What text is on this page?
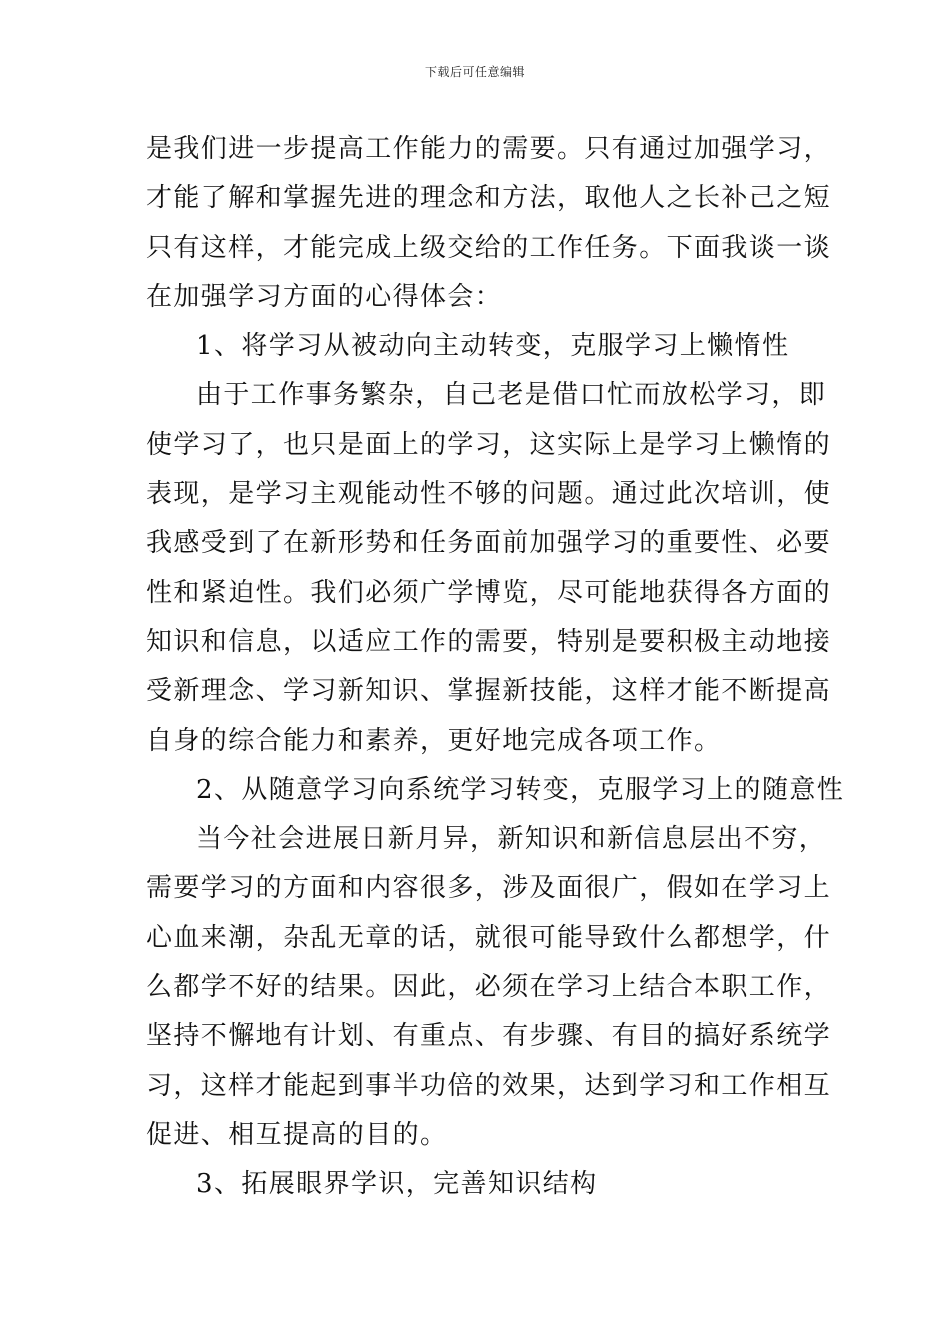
下载后可任意编辑
是我们进一步提高工作能力的需要。只有通过加强学习，
才能了解和掌握先进的理念和方法，取他人之长补己之短
只有这样，才能完成上级交给的工作任务。下面我谈一谈
在加强学习方面的心得体会：
1、将学习从被动向主动转变，克服学习上懒惰性
由于工作事务繁杂，自己老是借口忙而放松学习，即
使学习了，也只是面上的学习，这实际上是学习上懒惰的
表现，是学习主观能动性不够的问题。通过此次培训，使
我感受到了在新形势和任务面前加强学习的重要性、必要
性和紧迫性。我们必须广学博览，尽可能地获得各方面的
知识和信息，以适应工作的需要，特别是要积极主动地接
受新理念、学习新知识、掌握新技能，这样才能不断提高
自身的综合能力和素养，更好地完成各项工作。
2、从随意学习向系统学习转变，克服学习上的随意性
当今社会进展日新月异，新知识和新信息层出不穷，
需要学习的方面和内容很多，涉及面很广，假如在学习上
心血来潮，杂乱无章的话，就很可能导致什么都想学，什
么都学不好的结果。因此，必须在学习上结合本职工作，
坚持不懈地有计划、有重点、有步骤、有目的搞好系统学
习，这样才能起到事半功倍的效果，达到学习和工作相互
促进、相互提高的目的。
3、拓展眼界学识，完善知识结构
